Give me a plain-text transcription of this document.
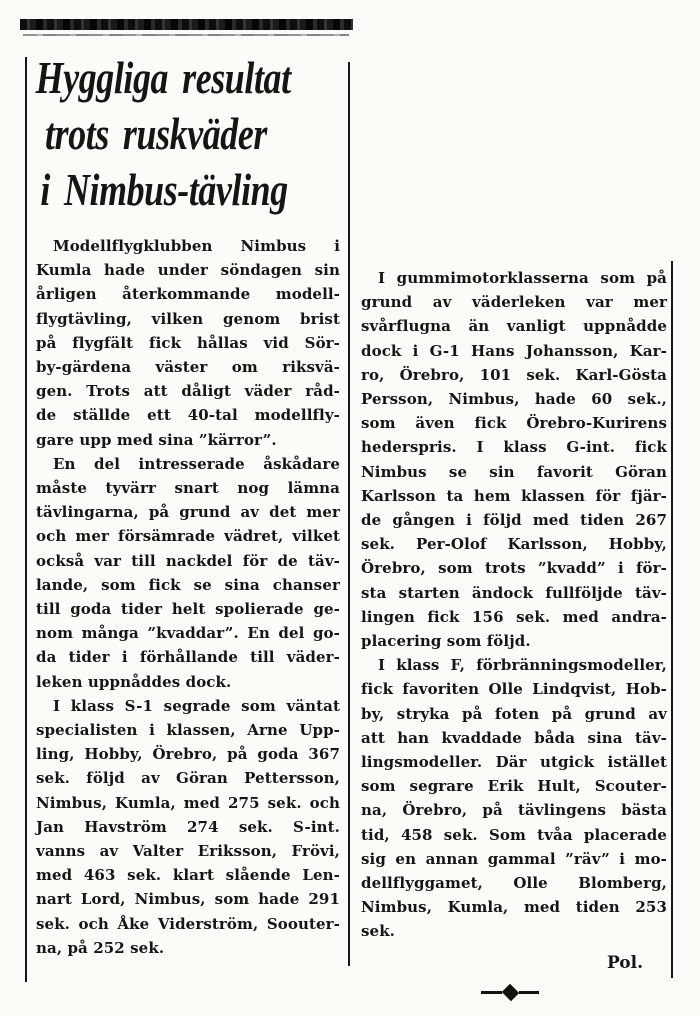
Hyggliga resultat
trots ruskväder
i Nimbus-tävling
Modellflygklubben Nimbus i
Kumla hade under söndagen sin
årligen återkommande modell-
flygtävling, vilken genom brist
på flygfält fick hållas vid Sör-
by-gärdena väster om riksvä-
gen. Trots att dåligt väder råd-
de ställde ett 40-tal modellfly-
gare upp med sina ”kärror”.
En del intresserade åskådare
måste tyvärr snart nog lämna
tävlingarna, på grund av det mer
och mer försämrade vädret, vilket
också var till nackdel för de täv-
lande, som fick se sina chanser
till goda tider helt spolierade ge-
nom många ”kvaddar”. En del go-
da tider i förhållande till väder-
leken uppnåddes dock.
I klass S-1 segrade som väntat
specialisten i klassen, Arne Upp-
ling, Hobby, Örebro, på goda 367
sek. följd av Göran Pettersson,
Nimbus, Kumla, med 275 sek. och
Jan Havström 274 sek. S-int.
vanns av Valter Eriksson, Frövi,
med 463 sek. klart slående Len-
nart Lord, Nimbus, som hade 291
sek. och Åke Viderström, Soouter-
na, på 252 sek.
I gummimotorklasserna som på
grund av väderleken var mer
svårflugna än vanligt uppnådde
dock i G-1 Hans Johansson, Kar-
ro, Örebro, 101 sek. Karl-Gösta
Persson, Nimbus, hade 60 sek.,
som även fick Örebro-Kurirens
hederspris. I klass G-int. fick
Nimbus se sin favorit Göran
Karlsson ta hem klassen för fjär-
de gången i följd med tiden 267
sek. Per-Olof Karlsson, Hobby,
Örebro, som trots ”kvadd” i för-
sta starten ändock fullföljde täv-
lingen fick 156 sek. med andra-
placering som följd.
I klass F, förbränningsmodeller,
fick favoriten Olle Lindqvist, Hob-
by, stryka på foten på grund av
att han kvaddade båda sina täv-
lingsmodeller. Där utgick istället
som segrare Erik Hult, Scouter-
na, Örebro, på tävlingens bästa
tid, 458 sek. Som tvåa placerade
sig en annan gammal ”räv” i mo-
dellflyggamet, Olle Blomberg,
Nimbus, Kumla, med tiden 253
sek.
Pol.
